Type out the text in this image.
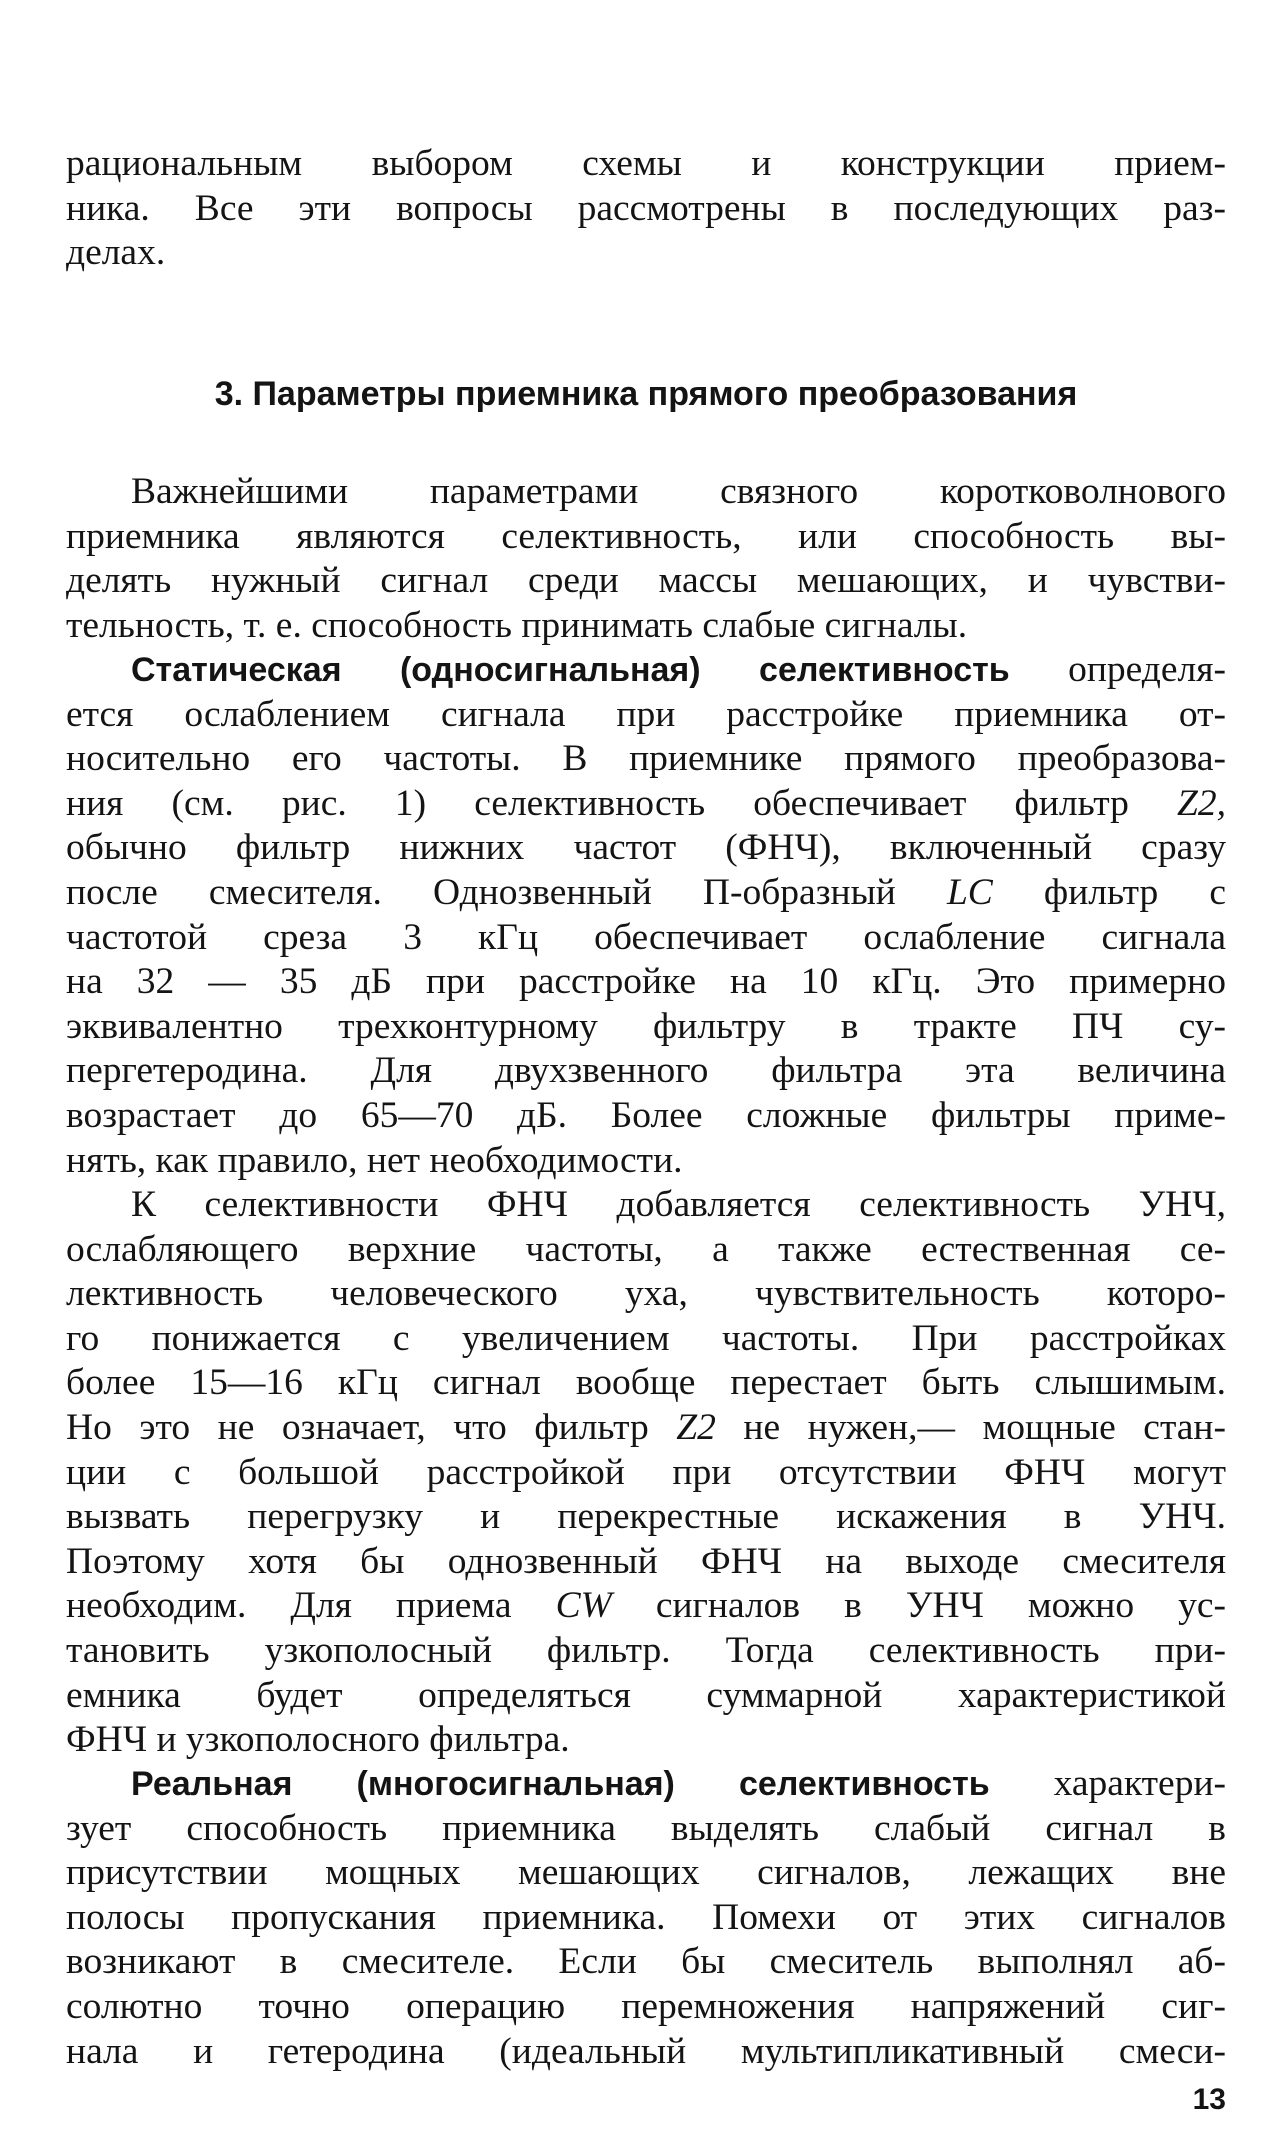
рациональным выбором схемы и конструкции прием-
ника. Все эти вопросы рассмотрены в последующих раз-
делах.
3. Параметры приемника прямого преобразования
Важнейшими параметрами связного коротковолнового
приемника являются селективность, или способность вы-
делять нужный сигнал среди массы мешающих, и чувстви-
тельность, т. е. способность принимать слабые сигналы.
Статическая (односигнальная) селективность определя-
ется ослаблением сигнала при расстройке приемника от-
носительно его частоты. В приемнике прямого преобразова-
ния (см. рис. 1) селективность обеспечивает фильтр Z2,
обычно фильтр нижних частот (ФНЧ), включенный сразу
после смесителя. Однозвенный П-образный LC фильтр с
частотой среза 3 кГц обеспечивает ослабление сигнала
на 32 — 35 дБ при расстройке на 10 кГц. Это примерно
эквивалентно трехконтурному фильтру в тракте ПЧ су-
пергетеродина. Для двухзвенного фильтра эта величина
возрастает до 65—70 дБ. Более сложные фильтры приме-
нять, как правило, нет необходимости.
К селективности ФНЧ добавляется селективность УНЧ,
ослабляющего верхние частоты, а также естественная се-
лективность человеческого уха, чувствительность которо-
го понижается с увеличением частоты. При расстройках
более 15—16 кГц сигнал вообще перестает быть слышимым.
Но это не означает, что фильтр Z2 не нужен,— мощные стан-
ции с большой расстройкой при отсутствии ФНЧ могут
вызвать перегрузку и перекрестные искажения в УНЧ.
Поэтому хотя бы однозвенный ФНЧ на выходе смесителя
необходим. Для приема CW сигналов в УНЧ можно ус-
тановить узкополосный фильтр. Тогда селективность при-
емника будет определяться суммарной характеристикой
ФНЧ и узкополосного фильтра.
Реальная (многосигнальная) селективность характери-
зует способность приемника выделять слабый сигнал в
присутствии мощных мешающих сигналов, лежащих вне
полосы пропускания приемника. Помехи от этих сигналов
возникают в смесителе. Если бы смеситель выполнял аб-
солютно точно операцию перемножения напряжений сиг-
нала и гетеродина (идеальный мультипликативный смеси-
13
